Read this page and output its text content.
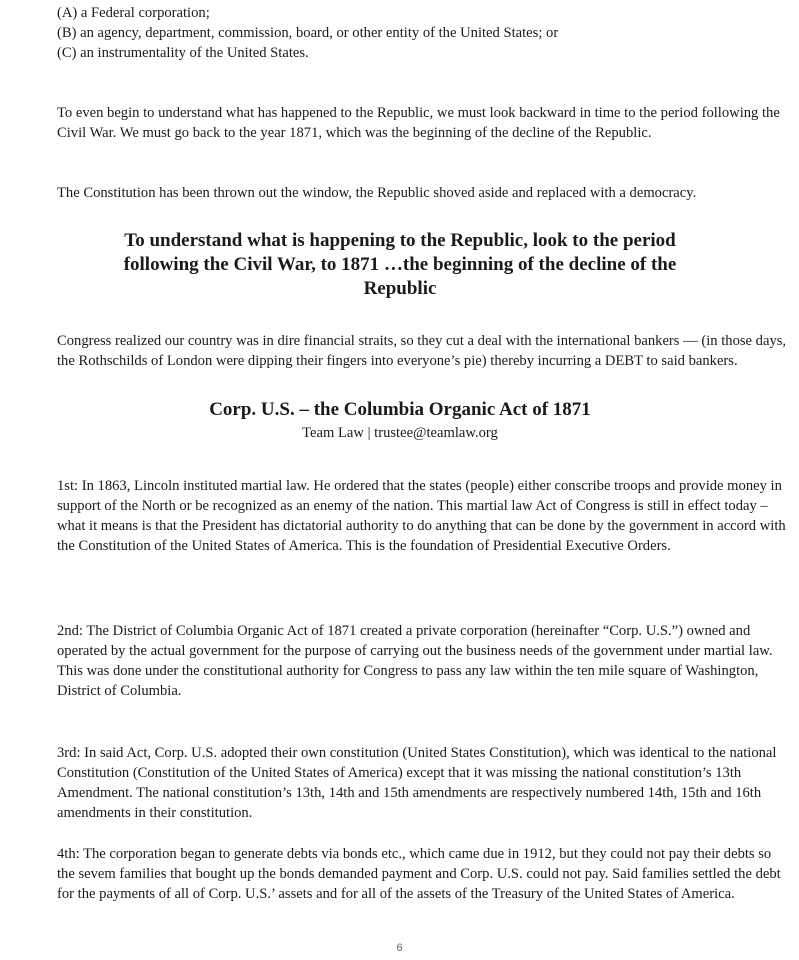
(A) a Federal corporation;

(B) an agency, department, commission, board, or other entity of the United States; or

(C) an instrumentality of the United States.

To even begin to understand what has happened to the Republic, we must look backward in time to the period following the Civil War. We must go back to the year 1871, which was the beginning of the decline of the Republic.

The Constitution has been thrown out the window, the Republic shoved aside and replaced with a democracy.

To understand what is happening to the Republic, look to the period following the Civil War, to 1871 …the beginning of the decline of the Republic

Congress realized our country was in dire financial straits, so they cut a deal with the international bankers — (in those days, the Rothschilds of London were dipping their fingers into everyone’s pie) thereby incurring a DEBT to said bankers.

Corp. U.S. – the Columbia Organic Act of 1871
Team Law | trustee@teamlaw.org

1st: In 1863, Lincoln instituted martial law. He ordered that the states (people) either conscribe troops and provide money in support of the North or be recognized as an enemy of the nation. This martial law Act of Congress is still in effect today – what it means is that the President has dictatorial authority to do anything that can be done by the government in accord with the Constitution of the United States of America. This is the foundation of Presidential Executive Orders.

2nd: The District of Columbia Organic Act of 1871 created a private corporation (hereinafter “Corp. U.S.”) owned and operated by the actual government for the purpose of carrying out the business needs of the government under martial law. This was done under the constitutional authority for Congress to pass any law within the ten mile square of Washington, District of Columbia.

3rd: In said Act, Corp. U.S. adopted their own constitution (United States Constitution), which was identical to the national Constitution (Constitution of the United States of America) except that it was missing the national constitution’s 13th Amendment. The national constitution’s 13th, 14th and 15th amendments are respectively numbered 14th, 15th and 16th amendments in their constitution.

4th: The corporation began to generate debts via bonds etc., which came due in 1912, but they could not pay their debts so the sevem families that bought up the bonds demanded payment and Corp. U.S. could not pay. Said families settled the debt for the payments of all of Corp. U.S.’ assets and for all of the assets of the Treasury of the United States of America.

6
